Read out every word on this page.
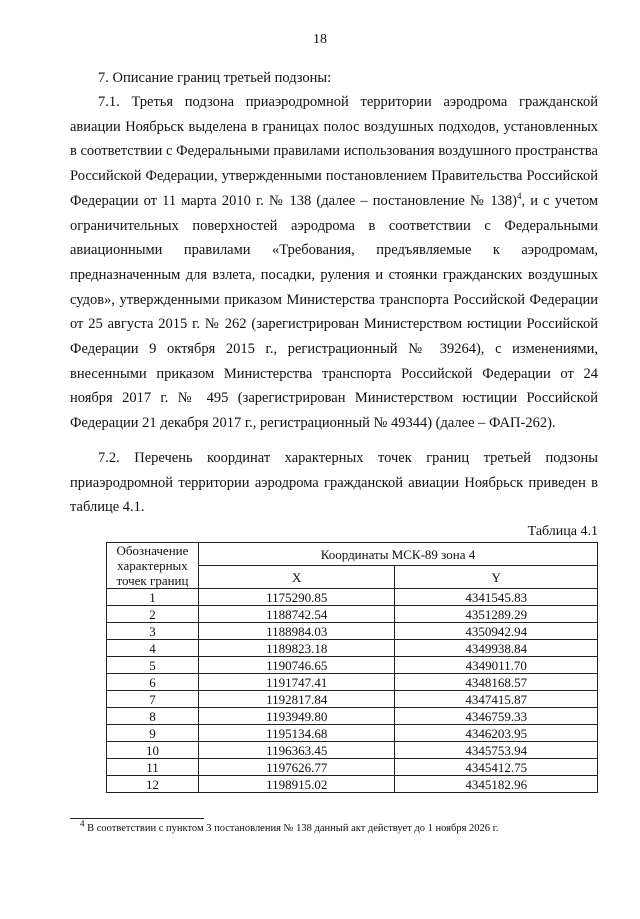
18
7. Описание границ третьей подзоны:

7.1. Третья подзона приаэродромной территории аэродрома гражданской авиации Ноябрьск выделена в границах полос воздушных подходов, установленных в соответствии с Федеральными правилами использования воздушного пространства Российской Федерации, утвержденными постановлением Правительства Российской Федерации от 11 марта 2010 г. № 138 (далее – постановление № 138)$^4$, и с учетом ограничительных поверхностей аэродрома в соответствии с Федеральными авиационными правилами «Требования, предъявляемые к аэродромам, предназначенным для взлета, посадки, руления и стоянки гражданских воздушных судов», утвержденными приказом Министерства транспорта Российской Федерации от 25 августа 2015 г. № 262 (зарегистрирован Министерством юстиции Российской Федерации 9 октября 2015 г., регистрационный № 39264), с изменениями, внесенными приказом Министерства транспорта Российской Федерации от 24 ноября 2017 г. № 495 (зарегистрирован Министерством юстиции Российской Федерации 21 декабря 2017 г., регистрационный № 49344) (далее – ФАП-262).

7.2. Перечень координат характерных точек границ третьей подзоны приаэродромной территории аэродрома гражданской авиации Ноябрьск приведен в таблице 4.1.

Таблица 4.1
Обозначение характерных точек границ	Координаты МСК-89 зона 4	
	X	Y
1	1175290.85	4341545.83
2	1188742.54	4351289.29
3	1188984.03	4350942.94
4	1189823.18	4349938.84
5	1190746.65	4349011.70
6	1191747.41	4348168.57
7	1192817.84	4347415.87
8	1193949.80	4346759.33
9	1195134.68	4346203.95
10	1196363.45	4345753.94
11	1197626.77	4345412.75
12	1198915.02	4345182.96
$^4$ В соответствии с пунктом 3 постановления № 138 данный акт действует до 1 ноября 2026 г.
